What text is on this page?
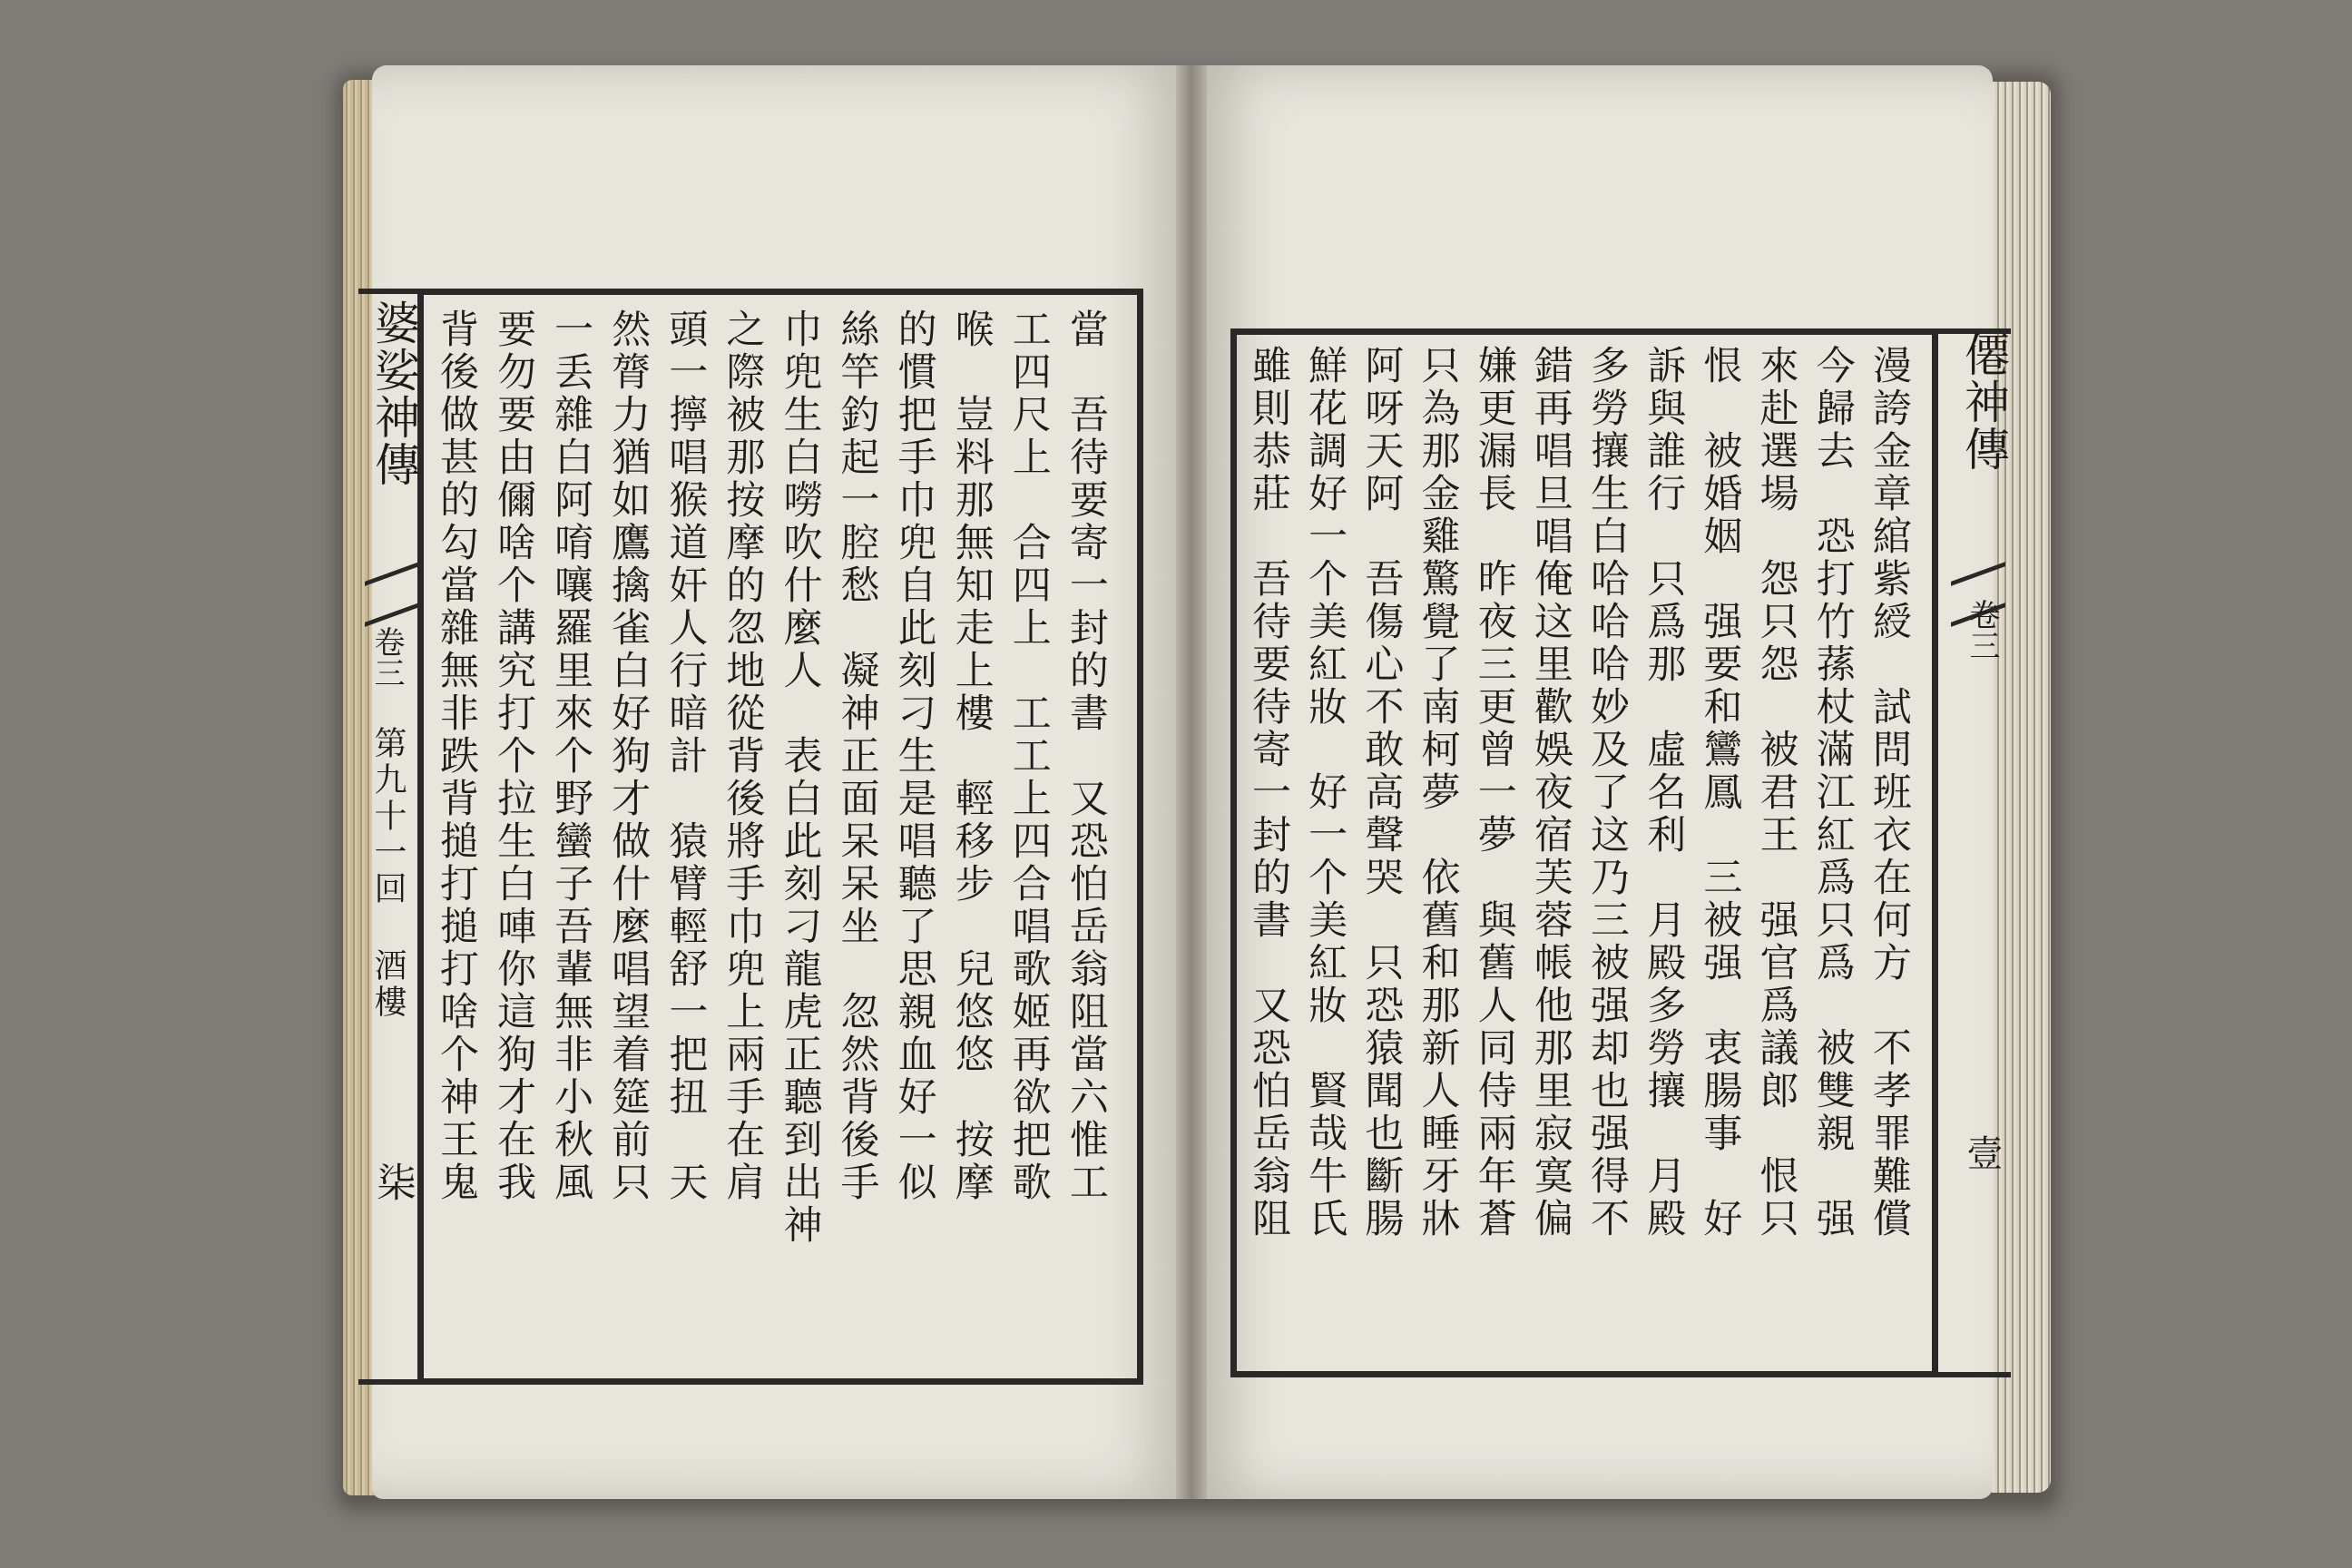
婆娑神傳
卷三
第九十一回 酒樓
柒
僊神傳
卷三
壹
當　吾待要寄一封的書　又恐怕岳翁阻當六惟工
工四尺上　合四上　工工上四合唱歌姬再欲把歌
喉　豈料那無知走上樓　輕移步　兒悠悠　按摩
的慣把手巾兜自此刻刁生是唱聽了思親血好一似
絲竿釣起一腔愁　凝神正面呆呆坐　忽然背後手
巾兜生白嘮吹什麼人　表白此刻刁龍虎正聽到出神
之際被那按摩的忽地從背後將手巾兜上兩手在肩
頭一擰唱猴道奸人行暗計　猿臂輕舒一把扭　天
然膂力猶如鷹擒雀白好狗才做什麼唱望着筵前只
一丢雜白阿唷嚷羅里來个野蠻子吾輩無非小秋風
要勿要由儞啥个講究打个拉生白唓你這狗才在我
背後做甚的勾當雜無非跌背搥打搥打啥个神王鬼	漫誇金章綰紫綬　試問班衣在何方　不孝罪難償
今歸去　恐打竹蓀杖滿江紅爲只爲　被雙親　强
來赴選場　怨只怨　被君王　强官爲議郎　恨只
恨　被婚姻　强要和鸞鳳　三被强　衷腸事　好
訴與誰行　只爲那　虛名利　月殿多勞攘　月殿
多勞攘生白哈哈哈妙及了这乃三被强却也强得不
錯再唱旦唱俺这里歡娛夜宿芙蓉帳他那里寂寞偏
嫌更漏長　昨夜三更曾一夢　與舊人同侍兩年蒼
只為那金雞驚覺了南柯夢　依舊和那新人睡牙牀
阿呀天阿　吾傷心不敢高聲哭　只恐猿聞也斷腸
鮮花調好一个美紅妝　好一个美紅妝　賢哉牛氏
雖則恭莊　吾待要待寄一封的書　又恐怕岳翁阻
